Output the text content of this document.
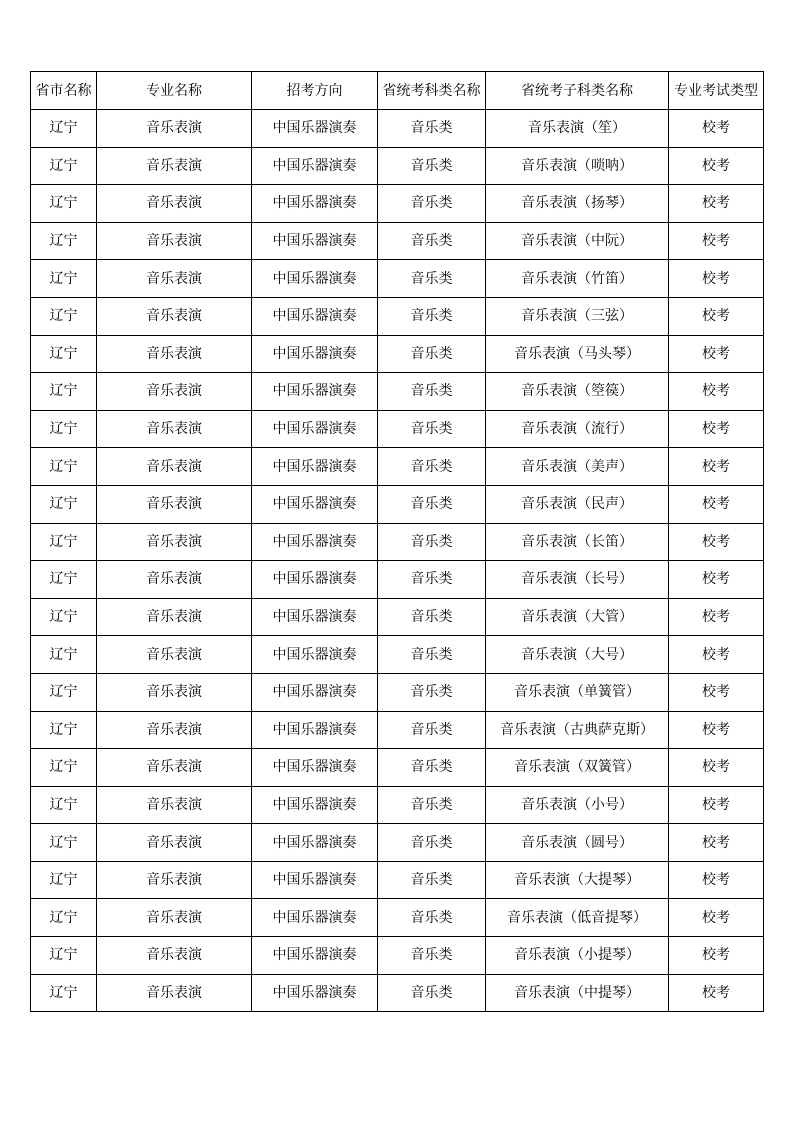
省市名称	专业名称	招考方向	省统考科类名称	省统考子科类名称	专业考试类型
辽宁	音乐表演	中国乐器演奏	音乐类	音乐表演（笙）	校考
辽宁	音乐表演	中国乐器演奏	音乐类	音乐表演（唢呐）	校考
辽宁	音乐表演	中国乐器演奏	音乐类	音乐表演（扬琴）	校考
辽宁	音乐表演	中国乐器演奏	音乐类	音乐表演（中阮）	校考
辽宁	音乐表演	中国乐器演奏	音乐类	音乐表演（竹笛）	校考
辽宁	音乐表演	中国乐器演奏	音乐类	音乐表演（三弦）	校考
辽宁	音乐表演	中国乐器演奏	音乐类	音乐表演（马头琴）	校考
辽宁	音乐表演	中国乐器演奏	音乐类	音乐表演（箜篌）	校考
辽宁	音乐表演	中国乐器演奏	音乐类	音乐表演（流行）	校考
辽宁	音乐表演	中国乐器演奏	音乐类	音乐表演（美声）	校考
辽宁	音乐表演	中国乐器演奏	音乐类	音乐表演（民声）	校考
辽宁	音乐表演	中国乐器演奏	音乐类	音乐表演（长笛）	校考
辽宁	音乐表演	中国乐器演奏	音乐类	音乐表演（长号）	校考
辽宁	音乐表演	中国乐器演奏	音乐类	音乐表演（大管）	校考
辽宁	音乐表演	中国乐器演奏	音乐类	音乐表演（大号）	校考
辽宁	音乐表演	中国乐器演奏	音乐类	音乐表演（单簧管）	校考
辽宁	音乐表演	中国乐器演奏	音乐类	音乐表演（古典萨克斯）	校考
辽宁	音乐表演	中国乐器演奏	音乐类	音乐表演（双簧管）	校考
辽宁	音乐表演	中国乐器演奏	音乐类	音乐表演（小号）	校考
辽宁	音乐表演	中国乐器演奏	音乐类	音乐表演（圆号）	校考
辽宁	音乐表演	中国乐器演奏	音乐类	音乐表演（大提琴）	校考
辽宁	音乐表演	中国乐器演奏	音乐类	音乐表演（低音提琴）	校考
辽宁	音乐表演	中国乐器演奏	音乐类	音乐表演（小提琴）	校考
辽宁	音乐表演	中国乐器演奏	音乐类	音乐表演（中提琴）	校考
